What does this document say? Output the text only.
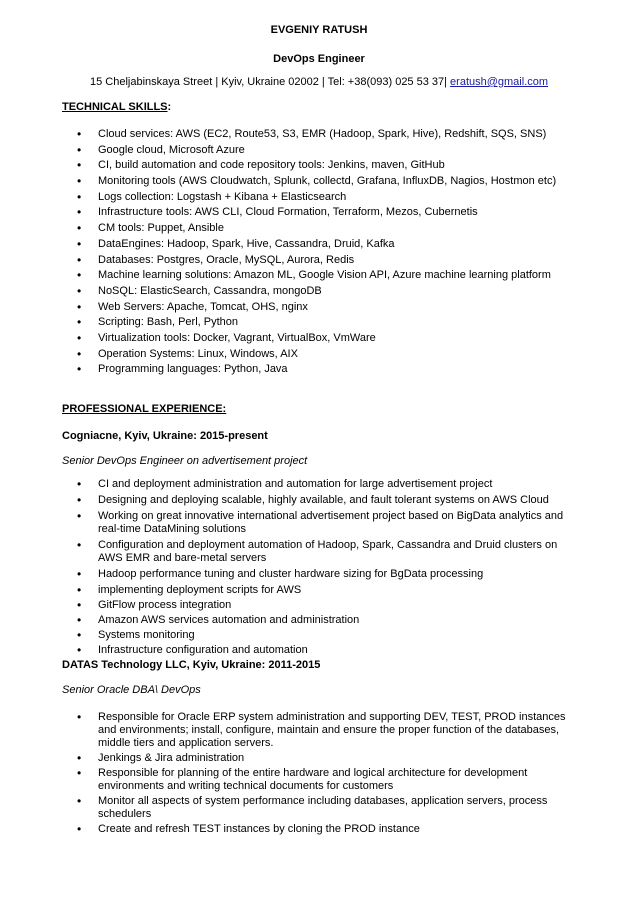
EVGENIY RATUSH
DevOps Engineer
15 Cheljabinskaya Street | Kyiv, Ukraine 02002 | Tel: +38(093) 025 53 37| eratush@gmail.com
TECHNICAL SKILLS:
• Cloud services: AWS (EC2, Route53, S3, EMR (Hadoop, Spark, Hive), Redshift, SQS, SNS)
• Google cloud, Microsoft Azure
• CI, build automation and code repository tools: Jenkins, maven, GitHub
• Monitoring tools (AWS Cloudwatch, Splunk, collectd, Grafana, InfluxDB, Nagios, Hostmon etc)
• Logs collection: Logstash + Kibana + Elasticsearch
• Infrastructure tools: AWS CLI, Cloud Formation, Terraform, Mezos, Cubernetis
• CM tools: Puppet, Ansible
• DataEngines: Hadoop, Spark, Hive, Cassandra, Druid, Kafka
• Databases: Postgres, Oracle, MySQL, Aurora, Redis
• Machine learning solutions: Amazon ML, Google Vision API, Azure machine learning platform
• NoSQL: ElasticSearch, Cassandra, mongoDB
• Web Servers: Apache, Tomcat, OHS, nginx
• Scripting: Bash, Perl, Python
• Virtualization tools: Docker, Vagrant, VirtualBox, VmWare
• Operation Systems: Linux, Windows, AIX
• Programming languages: Python, Java
PROFESSIONAL EXPERIENCE:
Cogniacne, Kyiv, Ukraine: 2015-present
Senior DevOps Engineer on advertisement project
• CI and deployment administration and automation for large advertisement project
• Designing and deploying scalable, highly available, and fault tolerant systems on AWS Cloud
• Working on great innovative international advertisement project based on BigData analytics and real-time DataMining solutions
• Configuration and deployment automation of Hadoop, Spark, Cassandra and Druid clusters on AWS EMR and bare-metal servers
• Hadoop performance tuning and cluster hardware sizing for BgData processing
• implementing deployment scripts for AWS
• GitFlow process integration
• Amazon AWS services automation and administration
• Systems monitoring
• Infrastructure configuration and automation
DATAS Technology LLC, Kyiv, Ukraine: 2011-2015
Senior Oracle DBA\ DevOps
• Responsible for Oracle ERP system administration and supporting DEV, TEST, PROD instances and environments; install, configure, maintain and ensure the proper function of the databases, middle tiers and application servers.
• Jenkings & Jira administration
• Responsible for planning of the entire hardware and logical architecture for development environments and writing technical documents for customers
• Monitor all aspects of system performance including databases, application servers, process schedulers
• Create and refresh TEST instances by cloning the PROD instance
